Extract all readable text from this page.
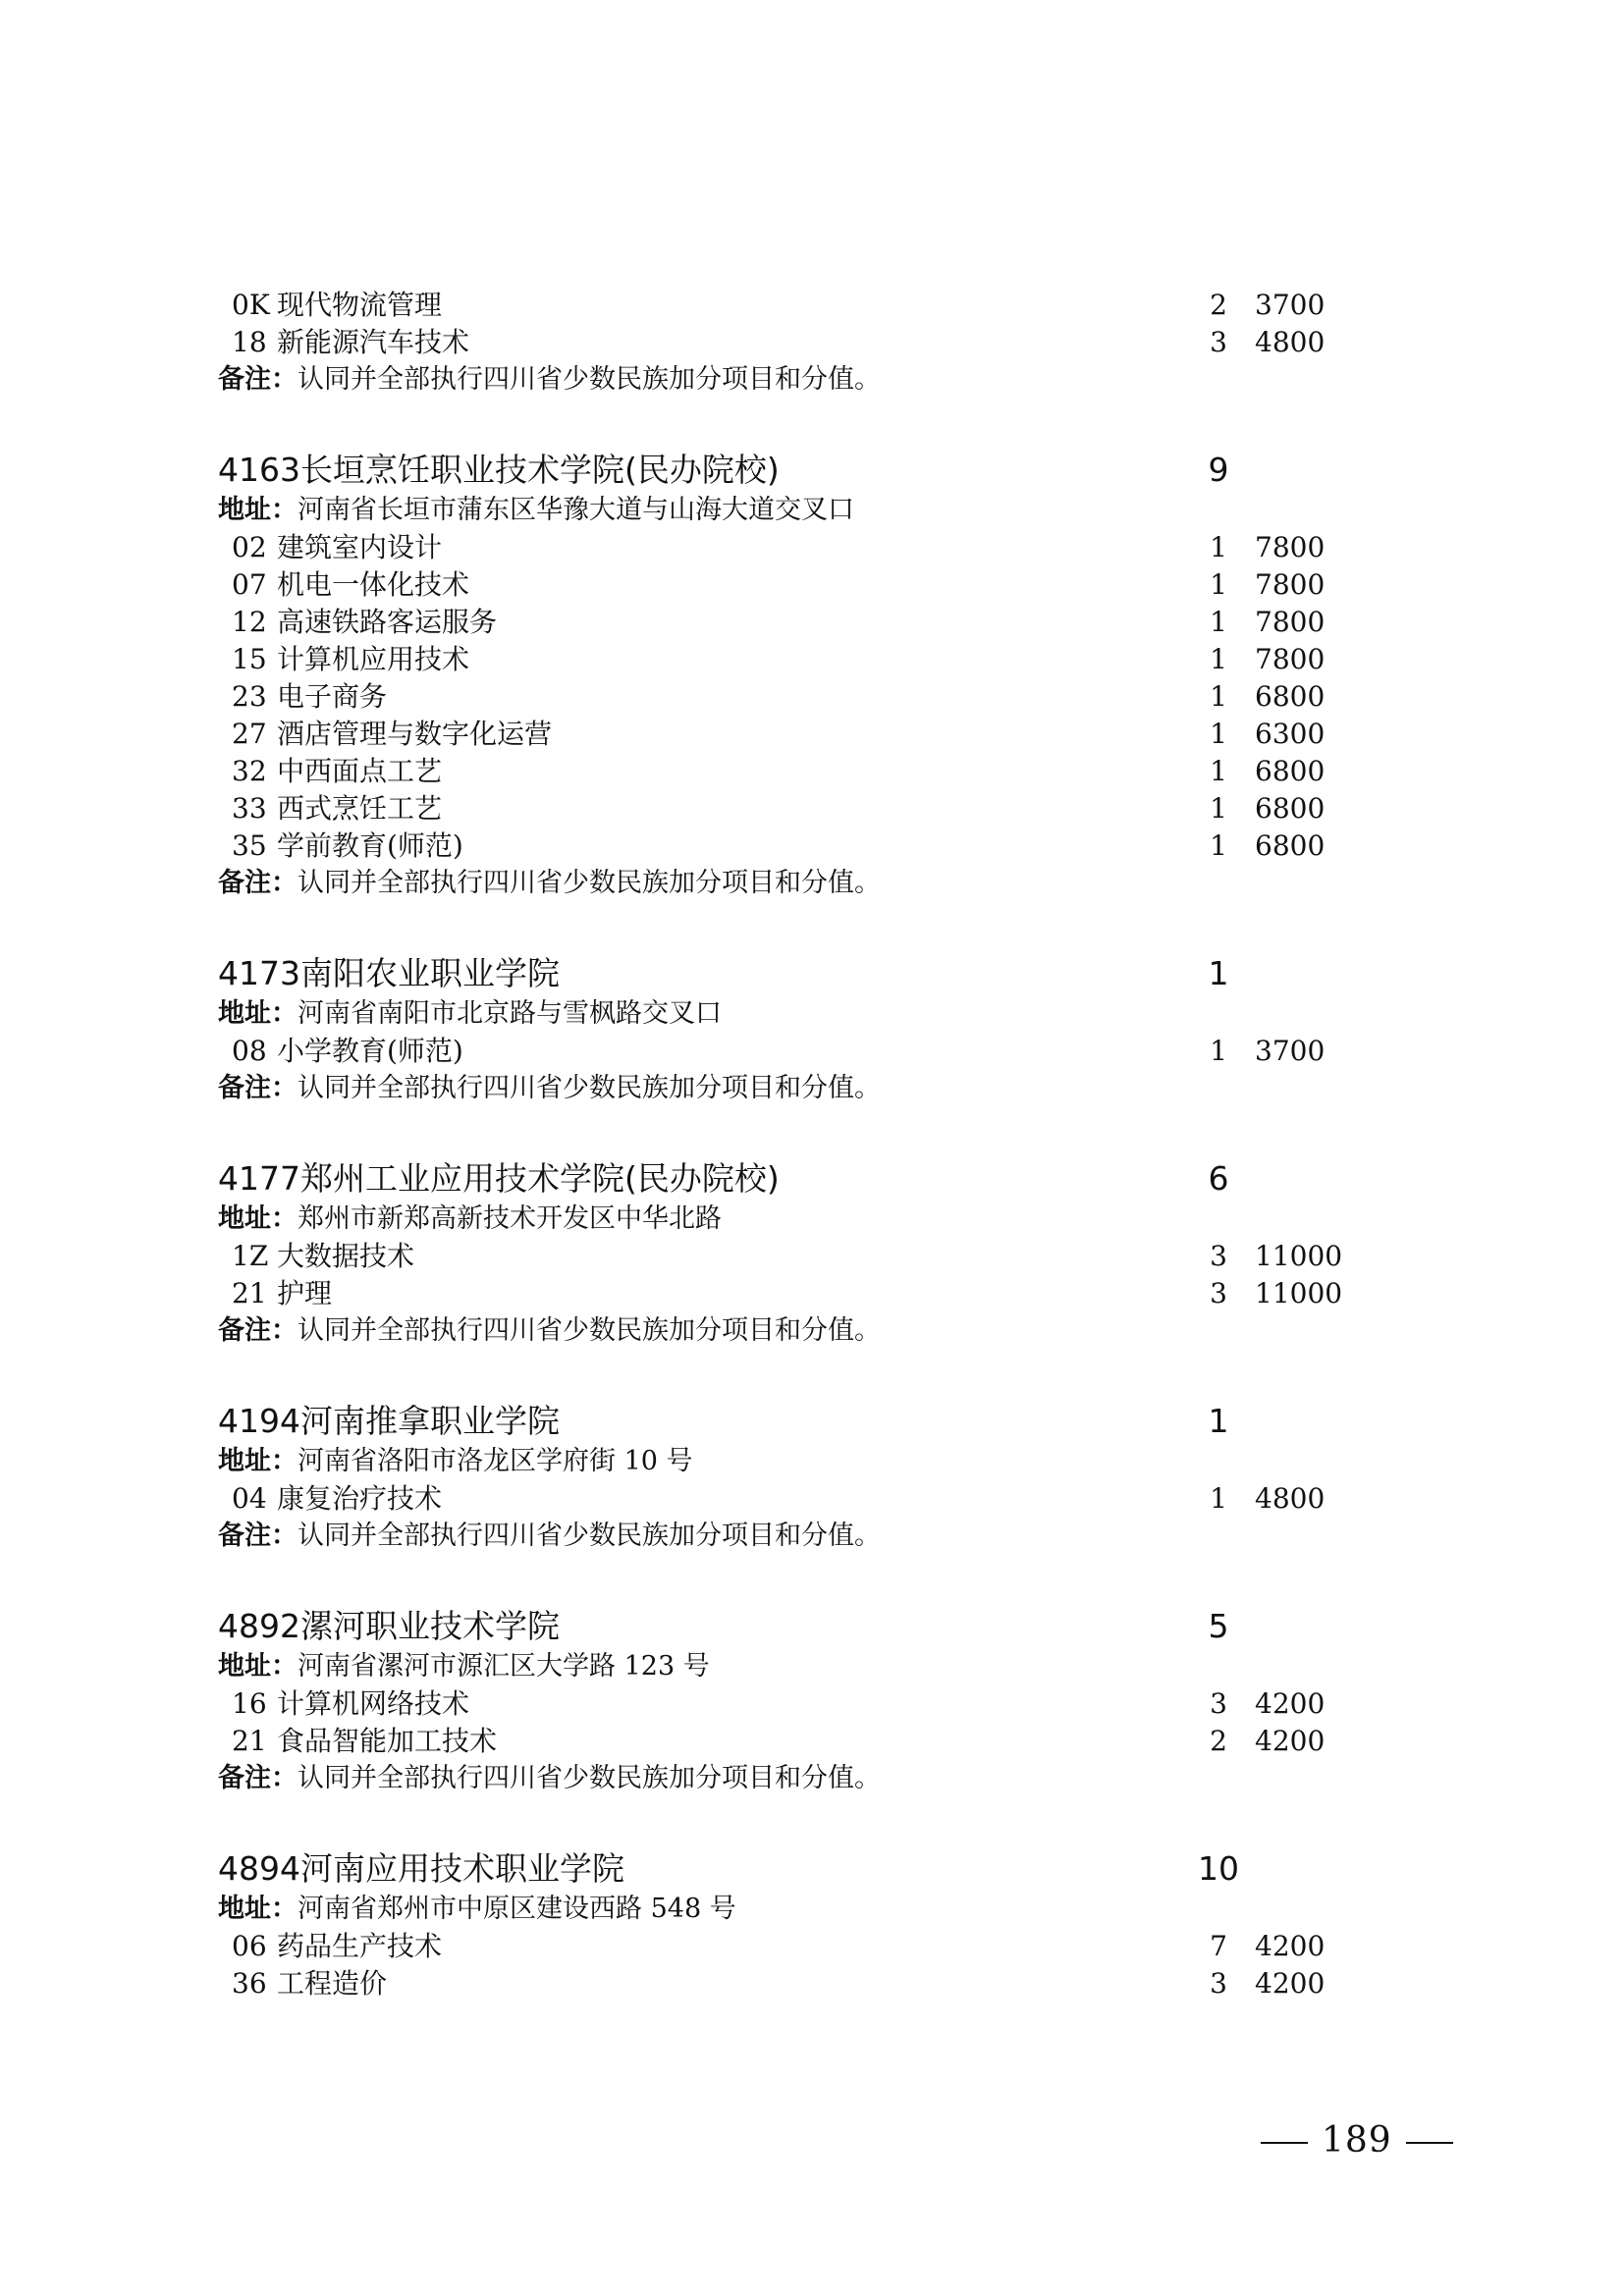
0K 现代物流管理	2 3700
18 新能源汽车技术	3 4800
备注：认同并全部执行四川省少数民族加分项目和分值。
4163 长垣烹饪职业技术学院(民办院校)	9
地址：河南省长垣市蒲东区华豫大道与山海大道交叉口
02 建筑室内设计	1 7800
07 机电一体化技术	1 7800
12 高速铁路客运服务	1 7800
15 计算机应用技术	1 7800
23 电子商务	1 6800
27 酒店管理与数字化运营	1 6300
32 中西面点工艺	1 6800
33 西式烹饪工艺	1 6800
35 学前教育(师范)	1 6800
备注：认同并全部执行四川省少数民族加分项目和分值。
4173 南阳农业职业学院	1
地址：河南省南阳市北京路与雪枫路交叉口
08 小学教育(师范)	1 3700
备注：认同并全部执行四川省少数民族加分项目和分值。
4177 郑州工业应用技术学院(民办院校)	6
地址：郑州市新郑高新技术开发区中华北路
1Z 大数据技术	3 11000
21 护理	3 11000
备注：认同并全部执行四川省少数民族加分项目和分值。
4194 河南推拿职业学院	1
地址：河南省洛阳市洛龙区学府街 10 号
04 康复治疗技术	1 4800
备注：认同并全部执行四川省少数民族加分项目和分值。
4892 漯河职业技术学院	5
地址：河南省漯河市源汇区大学路 123 号
16 计算机网络技术	3 4200
21 食品智能加工技术	2 4200
备注：认同并全部执行四川省少数民族加分项目和分值。
4894 河南应用技术职业学院	10
地址：河南省郑州市中原区建设西路 548 号
06 药品生产技术	7 4200
36 工程造价	3 4200
189
